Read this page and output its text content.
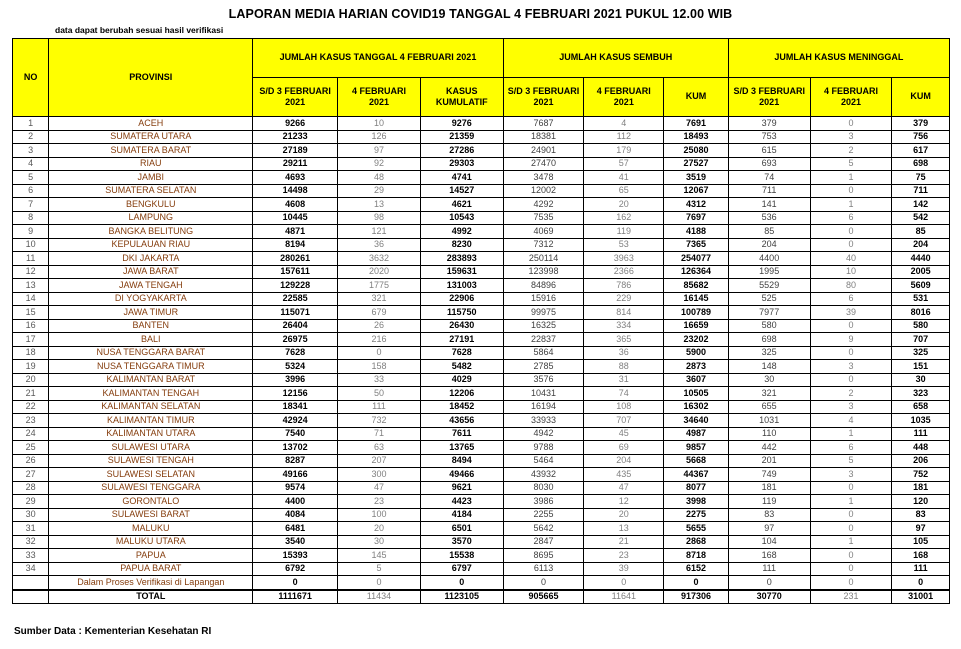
LAPORAN MEDIA HARIAN COVID19 TANGGAL 4 FEBRUARI 2021 PUKUL 12.00 WIB
data dapat berubah sesuai hasil verifikasi
NO	PROVINSI	JUMLAH KASUS TANGGAL 4 FEBRUARI 2021			JUMLAH KASUS SEMBUH			JUMLAH KASUS MENINGGAL		
		S/D 3 FEBRUARI 2021	4 FEBRUARI 2021	KASUS KUMULATIF	S/D 3 FEBRUARI 2021	4 FEBRUARI 2021	KUM	S/D 3 FEBRUARI 2021	4 FEBRUARI 2021	KUM
1	ACEH	9266	10	9276	7687	4	7691	379	0	379
2	SUMATERA UTARA	21233	126	21359	18381	112	18493	753	3	756
3	SUMATERA BARAT	27189	97	27286	24901	179	25080	615	2	617
4	RIAU	29211	92	29303	27470	57	27527	693	5	698
5	JAMBI	4693	48	4741	3478	41	3519	74	1	75
6	SUMATERA SELATAN	14498	29	14527	12002	65	12067	711	0	711
7	BENGKULU	4608	13	4621	4292	20	4312	141	1	142
8	LAMPUNG	10445	98	10543	7535	162	7697	536	6	542
9	BANGKA BELITUNG	4871	121	4992	4069	119	4188	85	0	85
10	KEPULAUAN RIAU	8194	36	8230	7312	53	7365	204	0	204
11	DKI JAKARTA	280261	3632	283893	250114	3963	254077	4400	40	4440
12	JAWA BARAT	157611	2020	159631	123998	2366	126364	1995	10	2005
13	JAWA TENGAH	129228	1775	131003	84896	786	85682	5529	80	5609
14	DI YOGYAKARTA	22585	321	22906	15916	229	16145	525	6	531
15	JAWA TIMUR	115071	679	115750	99975	814	100789	7977	39	8016
16	BANTEN	26404	26	26430	16325	334	16659	580	0	580
17	BALI	26975	216	27191	22837	365	23202	698	9	707
18	NUSA TENGGARA BARAT	7628	0	7628	5864	36	5900	325	0	325
19	NUSA TENGGARA TIMUR	5324	158	5482	2785	88	2873	148	3	151
20	KALIMANTAN BARAT	3996	33	4029	3576	31	3607	30	0	30
21	KALIMANTAN TENGAH	12156	50	12206	10431	74	10505	321	2	323
22	KALIMANTAN SELATAN	18341	111	18452	16194	108	16302	655	3	658
23	KALIMANTAN TIMUR	42924	732	43656	33933	707	34640	1031	4	1035
24	KALIMANTAN UTARA	7540	71	7611	4942	45	4987	110	1	111
25	SULAWESI UTARA	13702	63	13765	9788	69	9857	442	6	448
26	SULAWESI TENGAH	8287	207	8494	5464	204	5668	201	5	206
27	SULAWESI SELATAN	49166	300	49466	43932	435	44367	749	3	752
28	SULAWESI TENGGARA	9574	47	9621	8030	47	8077	181	0	181
29	GORONTALO	4400	23	4423	3986	12	3998	119	1	120
30	SULAWESI BARAT	4084	100	4184	2255	20	2275	83	0	83
31	MALUKU	6481	20	6501	5642	13	5655	97	0	97
32	MALUKU UTARA	3540	30	3570	2847	21	2868	104	1	105
33	PAPUA	15393	145	15538	8695	23	8718	168	0	168
34	PAPUA BARAT	6792	5	6797	6113	39	6152	111	0	111
	Dalam Proses Verifikasi di Lapangan	0	0	0	0	0	0	0	0	0
	TOTAL	1111671	11434	1123105	905665	11641	917306	30770	231	31001
Sumber Data : Kementerian Kesehatan RI
